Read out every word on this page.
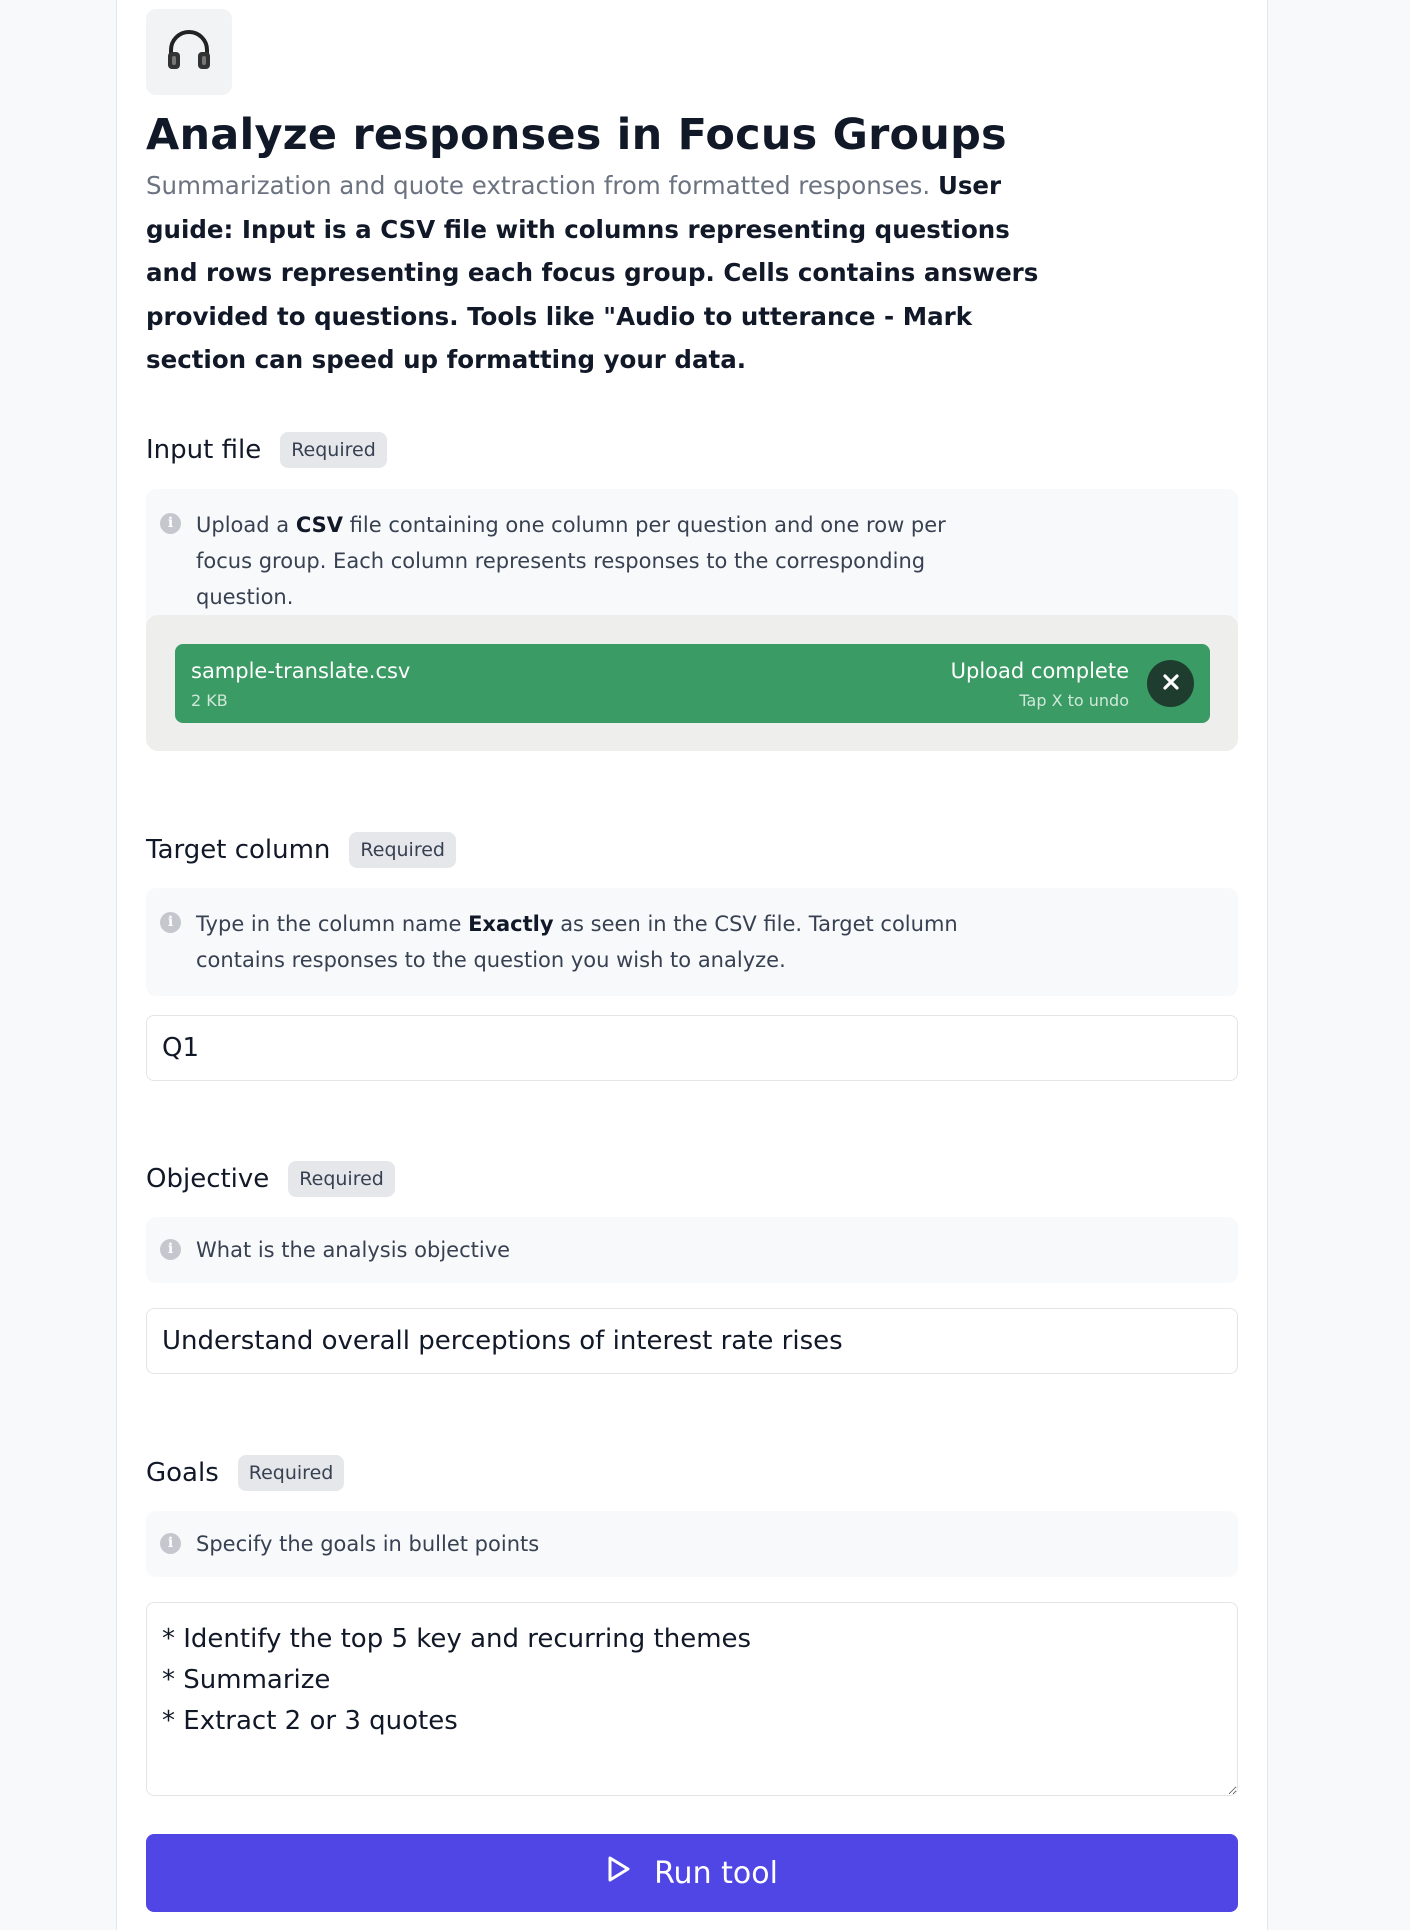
Analyze responses in Focus Groups

Summarization and quote extraction from formatted responses. User guide: Input is a CSV file with columns representing questions and rows representing each focus group. Cells contains answers provided to questions. Tools like "Audio to utterance - Mark section can speed up formatting your data.

Input file	Required
i	Upload a CSV file containing one column per question and one row per focus group. Each column represents responses to the corresponding question.
sample-translate.csv
2 KB
Upload complete
Tap X to undo
Target column	Required
i	Type in the column name Exactly as seen in the CSV file. Target column contains responses to the question you wish to analyze.
Q1
Objective	Required
i	What is the analysis objective
Understand overall perceptions of interest rate rises
Goals	Required
i	Specify the goals in bullet points
* Identify the top 5 key and recurring themes * Summarize * Extract 2 or 3 quotes
Run tool
